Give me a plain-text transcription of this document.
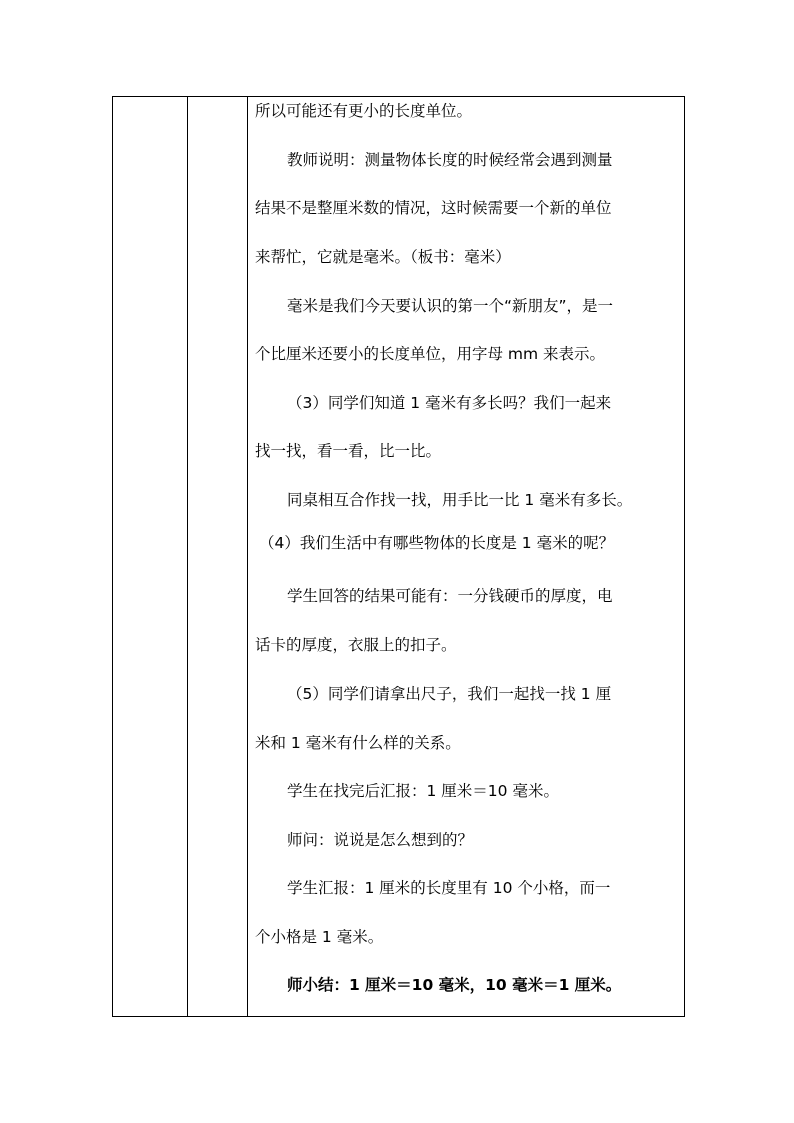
所以可能还有更小的长度单位。
教师说明：测量物体长度的时候经常会遇到测量
结果不是整厘米数的情况，这时候需要一个新的单位
来帮忙，它就是毫米。（板书：毫米）
毫米是我们今天要认识的第一个“新朋友”，是一
个比厘米还要小的长度单位，用字母 mm 来表示。
（3）同学们知道 1 毫米有多长吗？我们一起来
找一找，看一看，比一比。
同桌相互合作找一找，用手比一比 1 毫米有多长。
（4）我们生活中有哪些物体的长度是 1 毫米的呢？
学生回答的结果可能有：一分钱硬币的厚度，电
话卡的厚度，衣服上的扣子。
（5）同学们请拿出尺子，我们一起找一找 1 厘
米和 1 毫米有什么样的关系。
学生在找完后汇报：1 厘米＝10 毫米。
师问：说说是怎么想到的？
学生汇报：1 厘米的长度里有 10 个小格，而一
个小格是 1 毫米。
师小结：1 厘米＝10 毫米，10 毫米＝1 厘米。
